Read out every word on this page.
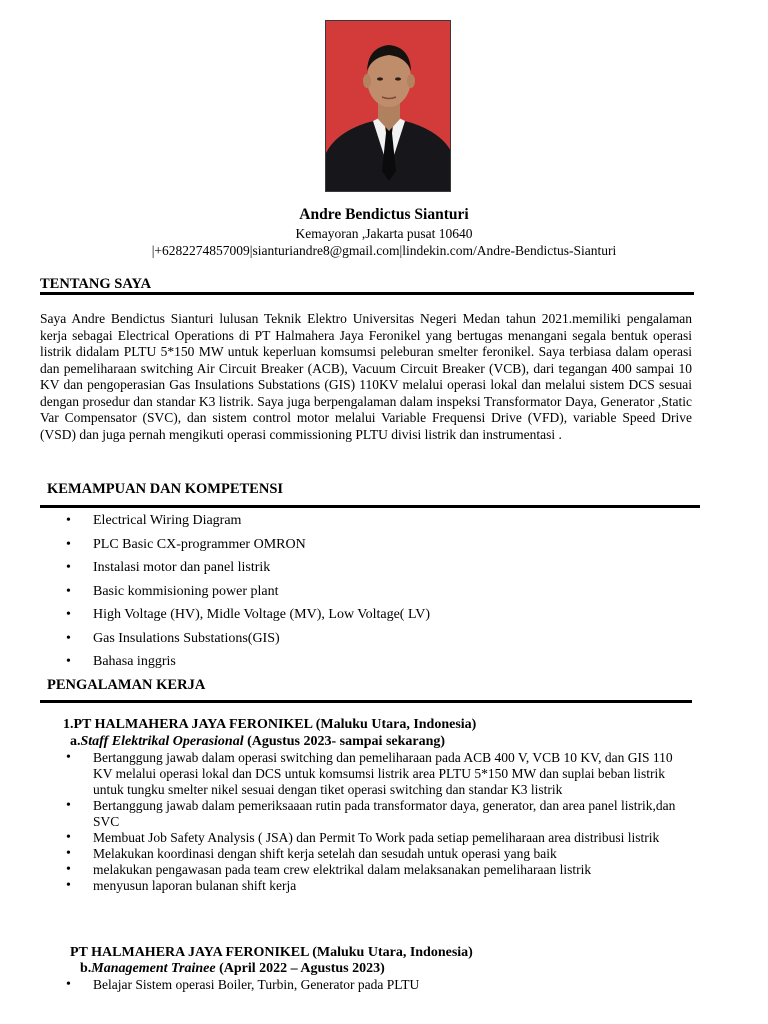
Andre Bendictus Sianturi
Kemayoran ,Jakarta pusat 10640
|+6282274857009|sianturiandre8@gmail.com|lindekin.com/Andre-Bendictus-Sianturi
TENTANG SAYA

Saya Andre Bendictus Sianturi lulusan Teknik Elektro Universitas Negeri Medan tahun 2021.memiliki pengalaman kerja sebagai Electrical Operations di PT Halmahera Jaya Feronikel yang bertugas menangani segala bentuk operasi listrik didalam PLTU 5*150 MW untuk keperluan komsumsi peleburan smelter feronikel. Saya terbiasa dalam operasi dan pemeliharaan switching Air Circuit Breaker (ACB), Vacuum Circuit Breaker (VCB), dari tegangan 400 sampai 10 KV dan pengoperasian Gas Insulations Substations (GIS) 110KV melalui operasi lokal dan melalui sistem DCS sesuai dengan prosedur dan standar K3 listrik. Saya juga berpengalaman dalam inspeksi Transformator Daya, Generator ,Static Var Compensator (SVC), dan sistem control motor melalui Variable Frequensi Drive (VFD), variable Speed Drive (VSD) dan juga pernah mengikuti operasi commissioning PLTU divisi listrik dan instrumentasi .

KEMAMPUAN DAN KOMPETENSI
• Electrical Wiring Diagram
• PLC Basic CX-programmer OMRON
• Instalasi motor dan panel listrik
• Basic kommisioning power plant
• High Voltage (HV), Midle Voltage (MV), Low Voltage( LV)
• Gas Insulations Substations(GIS)
• Bahasa inggris
PENGALAMAN KERJA
1.PT HALMAHERA JAYA FERONIKEL (Maluku Utara, Indonesia)
a.Staff Elektrikal Operasional (Agustus 2023- sampai sekarang)
• Bertanggung jawab dalam operasi switching dan pemeliharaan pada ACB 400 V, VCB 10 KV, dan GIS 110 KV melalui operasi lokal dan DCS untuk komsumsi listrik area PLTU 5*150 MW dan suplai beban listrik untuk tungku smelter nikel sesuai dengan tiket operasi switching dan standar K3 listrik
• Bertanggung jawab dalam pemeriksaaan rutin pada transformator daya, generator, dan area panel listrik,dan SVC
• Membuat Job Safety Analysis ( JSA) dan Permit To Work pada setiap pemeliharaan area distribusi listrik
• Melakukan koordinasi dengan shift kerja setelah dan sesudah untuk operasi yang baik
• melakukan pengawasan pada team crew elektrikal dalam melaksanakan pemeliharaan listrik
• menyusun laporan bulanan shift kerja
PT HALMAHERA JAYA FERONIKEL (Maluku Utara, Indonesia)
b.Management Trainee (April 2022 – Agustus 2023)
• Belajar Sistem operasi Boiler, Turbin, Generator pada PLTU
